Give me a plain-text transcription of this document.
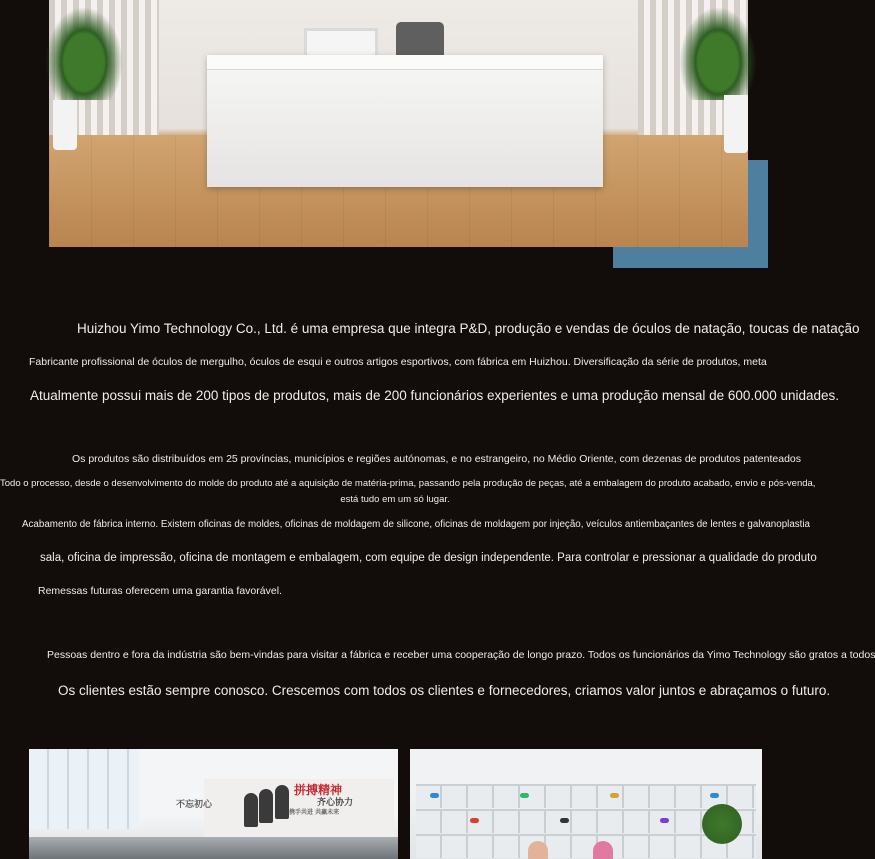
Huizhou Yimo Technology Co., Ltd. é uma empresa que integra P&D, produção e vendas de óculos de natação, toucas de natação
Fabricante profissional de óculos de mergulho, óculos de esqui e outros artigos esportivos, com fábrica em Huizhou. Diversificação da série de produtos, meta
Atualmente possui mais de 200 tipos de produtos, mais de 200 funcionários experientes e uma produção mensal de 600.000 unidades.
Os produtos são distribuídos em 25 províncias, municípios e regiões autónomas, e no estrangeiro, no Médio Oriente, com dezenas de produtos patenteados
Todo o processo, desde o desenvolvimento do molde do produto até a aquisição de matéria-prima, passando pela produção de peças, até a embalagem do produto acabado, envio e pós-venda,
está tudo em um só lugar.
Acabamento de fábrica interno. Existem oficinas de moldes, oficinas de moldagem de silicone, oficinas de moldagem por injeção, veículos antiembaçantes de lentes e galvanoplastia
sala, oficina de impressão, oficina de montagem e embalagem, com equipe de design independente. Para controlar e pressionar a qualidade do produto
Remessas futuras oferecem uma garantia favorável.
Pessoas dentro e fora da indústria são bem-vindas para visitar a fábrica e receber uma cooperação de longo prazo. Todos os funcionários da Yimo Technology são gratos a todos
Os clientes estão sempre conosco. Crescemos com todos os clientes e fornecedores, criamos valor juntos e abraçamos o futuro.
拼搏精神
齐心协力
不忘初心
携手共进 共赢未来
